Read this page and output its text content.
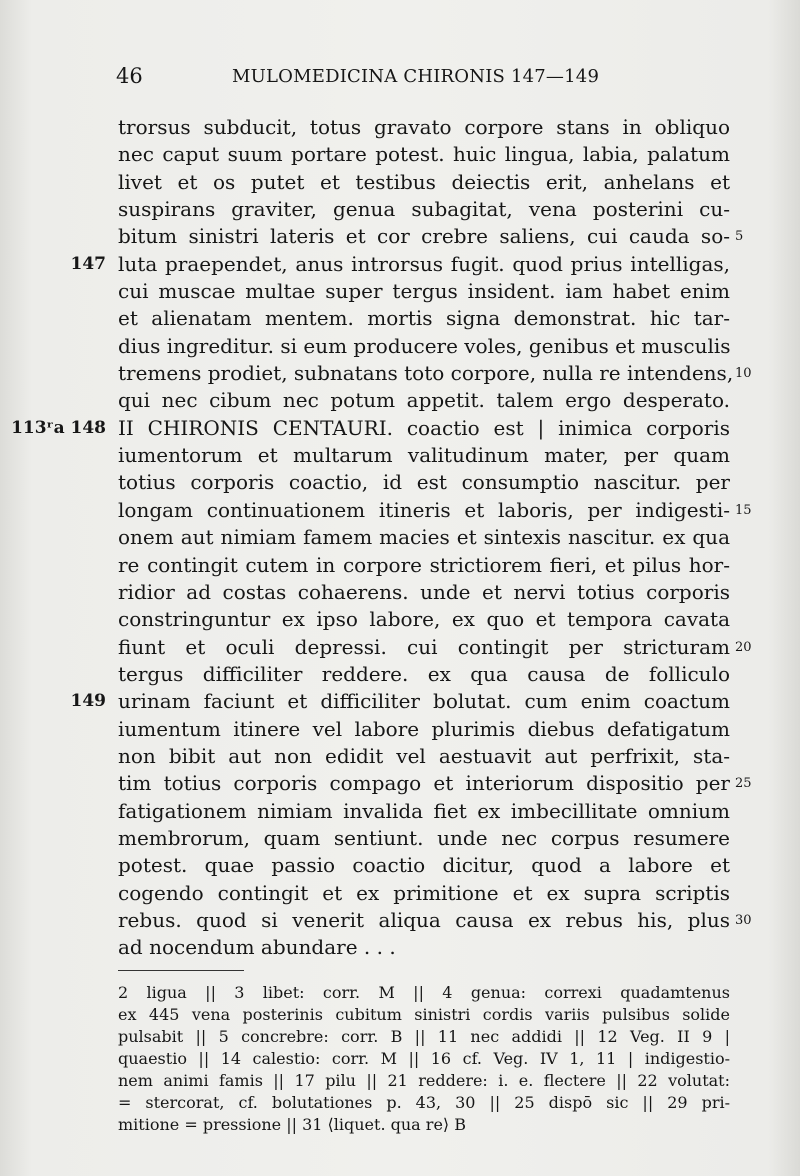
46	MULOMEDICINA CHIRONIS 147—149
trorsus subducit, totus gravato corpore stans in obliquo
nec caput suum portare potest. huic lingua, labia, palatum
livet et os putet et testibus deiectis erit, anhelans et
suspirans graviter, genua subagitat, vena posterini cu-
bitum sinistri lateris et cor crebre saliens, cui cauda so- 5
147 luta praependet, anus introrsus fugit. quod prius intelligas,
cui muscae multae super tergus insident. iam habet enim
et alienatam mentem. mortis signa demonstrat. hic tar-
dius ingreditur. si eum producere voles, genibus et musculis
tremens prodiet, subnatans toto corpore, nulla re intendens, 10
qui nec cibum nec potum appetit. talem ergo desperato.
113ʳa 148 II CHIRONIS CENTAURI. coactio est | inimica corporis
iumentorum et multarum valitudinum mater, per quam
totius corporis coactio, id est consumptio nascitur. per
longam continuationem itineris et laboris, per indigesti- 15
onem aut nimiam famem macies et sintexis nascitur. ex qua
re contingit cutem in corpore strictiorem fieri, et pilus hor-
ridior ad costas cohaerens. unde et nervi totius corporis
constringuntur ex ipso labore, ex quo et tempora cavata
fiunt et oculi depressi. cui contingit per stricturam 20
tergus difficiliter reddere. ex qua causa de folliculo
149 urinam faciunt et difficiliter bolutat. cum enim coactum
iumentum itinere vel labore plurimis diebus defatigatum
non bibit aut non edidit vel aestuavit aut perfrixit, sta-
tim totius corporis compago et interiorum dispositio per 25
fatigationem nimiam invalida fiet ex imbecillitate omnium
membrorum, quam sentiunt. unde nec corpus resumere
potest. quae passio coactio dicitur, quod a labore et
cogendo contingit et ex primitione et ex supra scriptis
rebus. quod si venerit aliqua causa ex rebus his, plus 30
ad nocendum abundare . . .
2 ligua || 3 libet: corr. M || 4 genua: correxi quadamtenus
ex 445 vena posterinis cubitum sinistri cordis variis pulsibus solide
pulsabit || 5 concrebre: corr. B || 11 nec addidi || 12 Veg. II 9 |
quaestio || 14 calestio: corr. M || 16 cf. Veg. IV 1, 11 | indigestio-
nem animi famis || 17 pilu || 21 reddere: i. e. flectere || 22 volutat:
= stercorat, cf. bolutationes p. 43, 30 || 25 dispō sic || 29 pri-
mitione = pressione || 31 ⟨liquet. qua re⟩ B
